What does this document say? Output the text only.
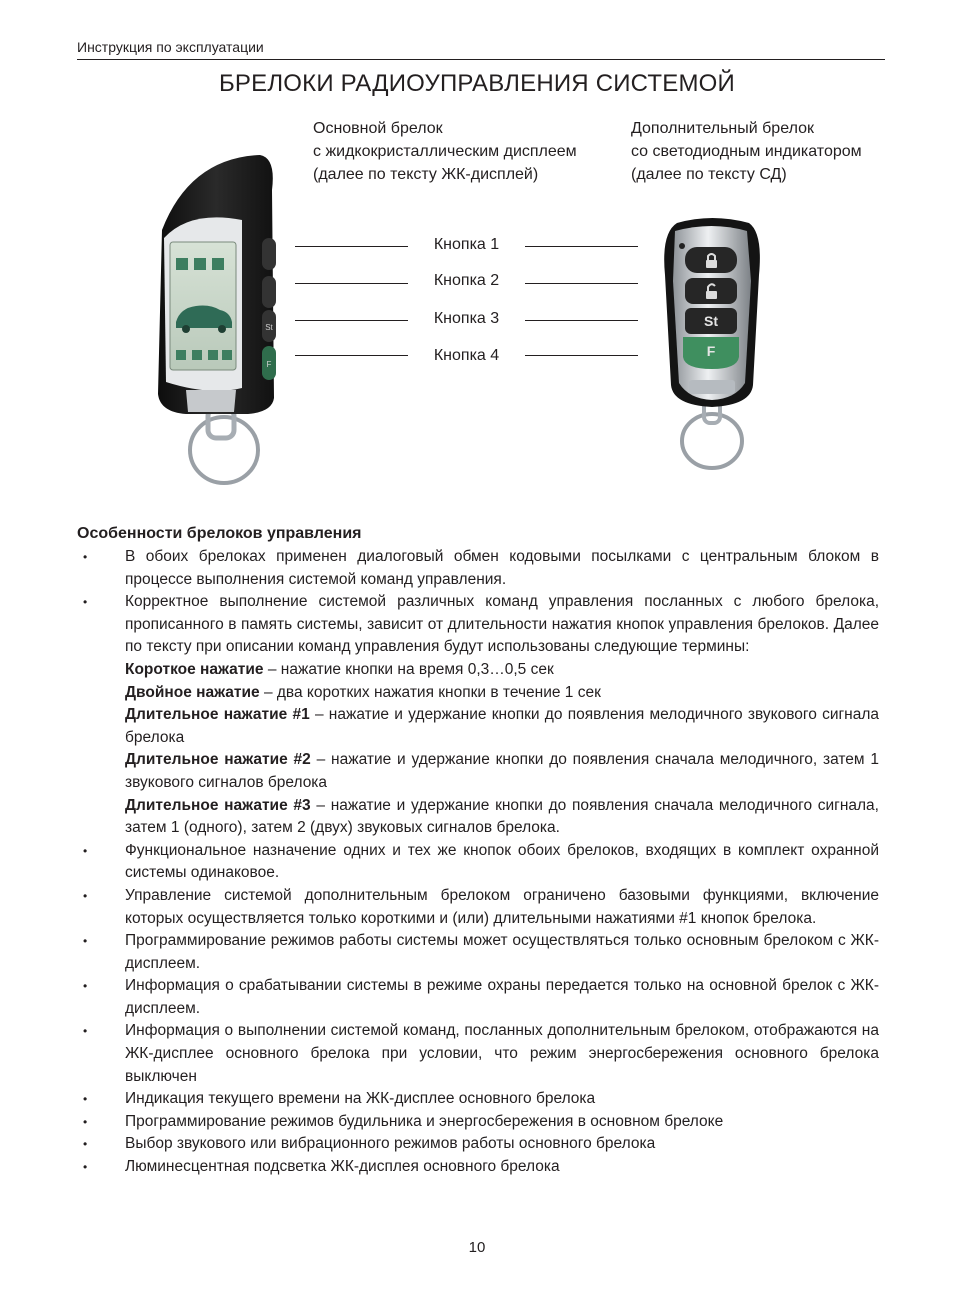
Инструкция по эксплуатации
БРЕЛОКИ РАДИОУПРАВЛЕНИЯ СИСТЕМОЙ
Основной брелок
с жидкокристаллическим дисплеем
(далее по тексту ЖК-дисплей)
Дополнительный брелок
со светодиодным индикатором
(далее по тексту СД)
St
F
Кнопка 1
Кнопка 2
Кнопка 3
Кнопка 4
St
F
Особенности брелоков управления
• В обоих брелоках применен диалоговый обмен кодовыми посылками с центральным блоком в процессе выполнения системой команд управления.
• Корректное выполнение системой различных команд управления посланных с любого брелока, прописанного в память системы, зависит от длительности нажатия кнопок управления брелоков. Далее по тексту при описании команд управления будут использованы следующие термины:
Короткое нажатие – нажатие кнопки на время 0,3…0,5 сек
Двойное нажатие – два коротких нажатия кнопки в течение 1 сек
Длительное нажатие #1 – нажатие и удержание кнопки до появления мелодичного звукового сигнала брелока
Длительное нажатие #2 – нажатие и удержание кнопки до появления сначала мелодичного, затем 1 звукового сигналов брелока
Длительное нажатие #3 – нажатие и удержание кнопки до появления сначала мелодичного сигнала, затем 1 (одного), затем 2 (двух) звуковых сигналов брелока.
• Функциональное назначение одних и тех же кнопок обоих брелоков, входящих в комплект охранной системы одинаковое.
• Управление системой дополнительным брелоком ограничено базовыми функциями, включение которых осуществляется только короткими и (или) длительными нажатиями #1 кнопок брелока.
• Программирование режимов работы системы может осуществляться только основным брелоком с ЖК-дисплеем.
• Информация о срабатывании системы в режиме охраны передается только на основной брелок с ЖК-дисплеем.
• Информация о выполнении системой команд, посланных дополнительным брелоком, отображаются на ЖК-дисплее основного брелока при условии, что режим энергосбережения основного брелока выключен
• Индикация текущего времени на ЖК-дисплее основного брелока
• Программирование режимов будильника и энергосбережения в основном брелоке
• Выбор звукового или вибрационного режимов работы основного брелока
• Люминесцентная подсветка ЖК-дисплея основного брелока
10
